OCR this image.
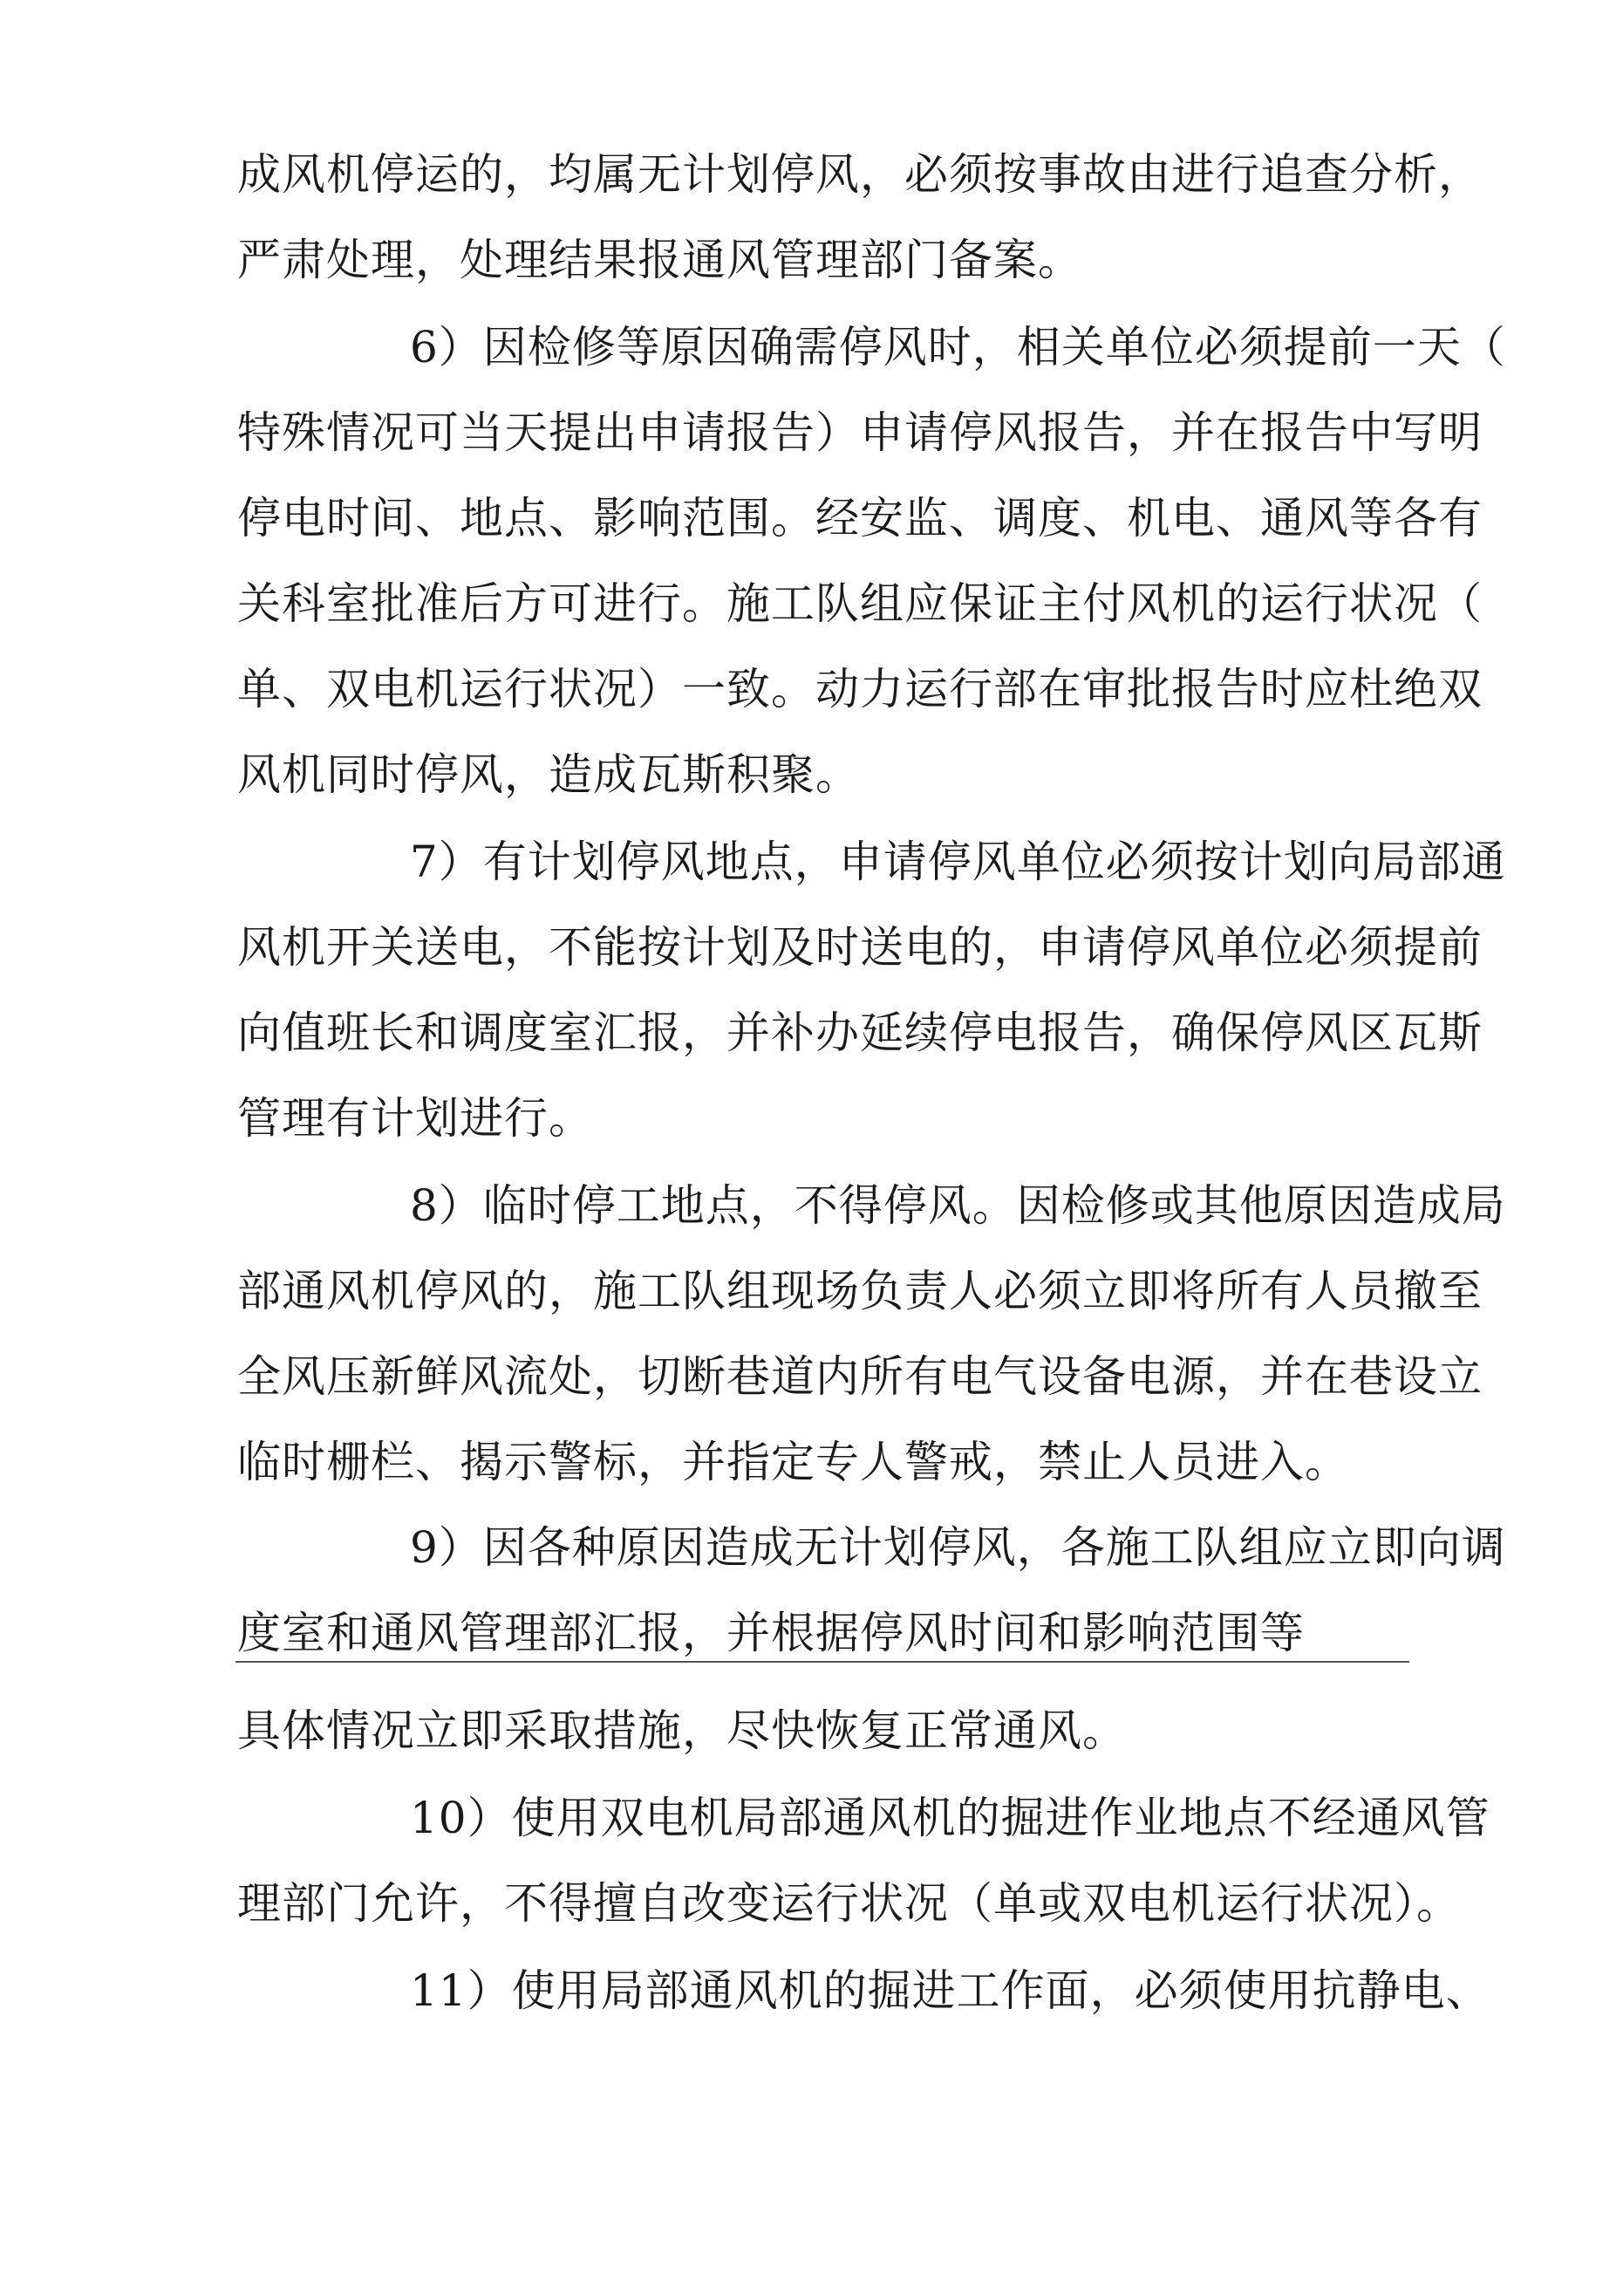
成风机停运的，均属无计划停风，必须按事故由进行追查分析，
严肃处理，处理结果报通风管理部门备案。
6）因检修等原因确需停风时，相关单位必须提前一天（
特殊情况可当天提出申请报告）申请停风报告，并在报告中写明
停电时间、地点、影响范围。经安监、调度、机电、通风等各有
关科室批准后方可进行。施工队组应保证主付风机的运行状况（
单、双电机运行状况）一致。动力运行部在审批报告时应杜绝双
风机同时停风，造成瓦斯积聚。
7）有计划停风地点，申请停风单位必须按计划向局部通
风机开关送电，不能按计划及时送电的，申请停风单位必须提前
向值班长和调度室汇报，并补办延续停电报告，确保停风区瓦斯
管理有计划进行。
8）临时停工地点，不得停风。因检修或其他原因造成局
部通风机停风的，施工队组现场负责人必须立即将所有人员撤至
全风压新鲜风流处，切断巷道内所有电气设备电源，并在巷设立
临时栅栏、揭示警标，并指定专人警戒，禁止人员进入。
9）因各种原因造成无计划停风，各施工队组应立即向调
度室和通风管理部汇报，并根据停风时间和影响范围等
具体情况立即采取措施，尽快恢复正常通风。
10）使用双电机局部通风机的掘进作业地点不经通风管
理部门允许，不得擅自改变运行状况（单或双电机运行状况）。
11）使用局部通风机的掘进工作面，必须使用抗静电、
